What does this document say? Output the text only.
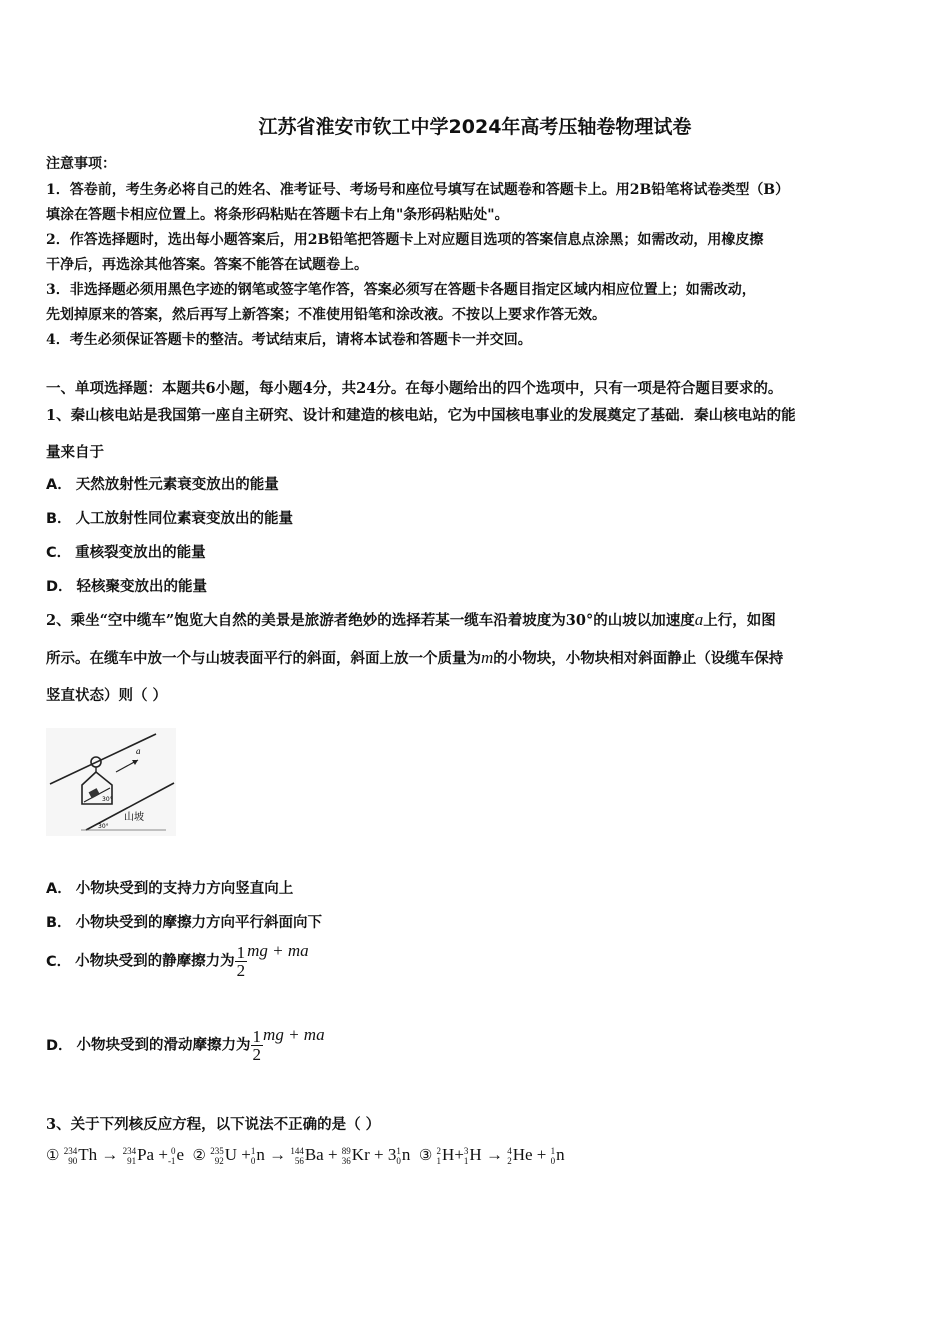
江苏省淮安市钦工中学2024年高考压轴卷物理试卷
注意事项：
1．答卷前，考生务必将自己的姓名、准考证号、考场号和座位号填写在试题卷和答题卡上。用2B铅笔将试卷类型（B）
填涂在答题卡相应位置上。将条形码粘贴在答题卡右上角"条形码粘贴处"。
2．作答选择题时，选出每小题答案后，用2B铅笔把答题卡上对应题目选项的答案信息点涂黑；如需改动，用橡皮擦
干净后，再选涂其他答案。答案不能答在试题卷上。
3．非选择题必须用黑色字迹的钢笔或签字笔作答，答案必须写在答题卡各题目指定区域内相应位置上；如需改动，
先划掉原来的答案，然后再写上新答案；不准使用铅笔和涂改液。不按以上要求作答无效。
4．考生必须保证答题卡的整洁。考试结束后，请将本试卷和答题卡一并交回。
一、单项选择题：本题共6小题，每小题4分，共24分。在每小题给出的四个选项中，只有一项是符合题目要求的。
1、秦山核电站是我国第一座自主研究、设计和建造的核电站，它为中国核电事业的发展奠定了基础．秦山核电站的能
量来自于
A． 天然放射性元素衰变放出的能量
B． 人工放射性同位素衰变放出的能量
C． 重核裂变放出的能量
D． 轻核聚变放出的能量
2、乘坐“空中缆车”饱览大自然的美景是旅游者绝妙的选择若某一缆车沿着坡度为30°的山坡以加速度a上行，如图
所示。在缆车中放一个与山坡表面平行的斜面，斜面上放一个质量为m的小物块，小物块相对斜面静止（设缆车保持
竖直状态）则（ ）
30°
a
山坡
30°
A． 小物块受到的支持力方向竖直向上
B． 小物块受到的摩擦力方向平行斜面向下
C． 小物块受到的静摩擦力为 $\frac{1}{2}$ mg + ma
D． 小物块受到的滑动摩擦力为 $\frac{1}{2}$ mg + ma
3、关于下列核反应方程，以下说法不正确的是（ ）
① 234
90 Th → 234
91 Pa + 0
-1 e ② 235
92 U + 1
0 n → 144
56 Ba + 89
36 Kr + 3 1
0 n ③ 2
1 H+ 3
1 H → 4
2 He + 1
0 n
